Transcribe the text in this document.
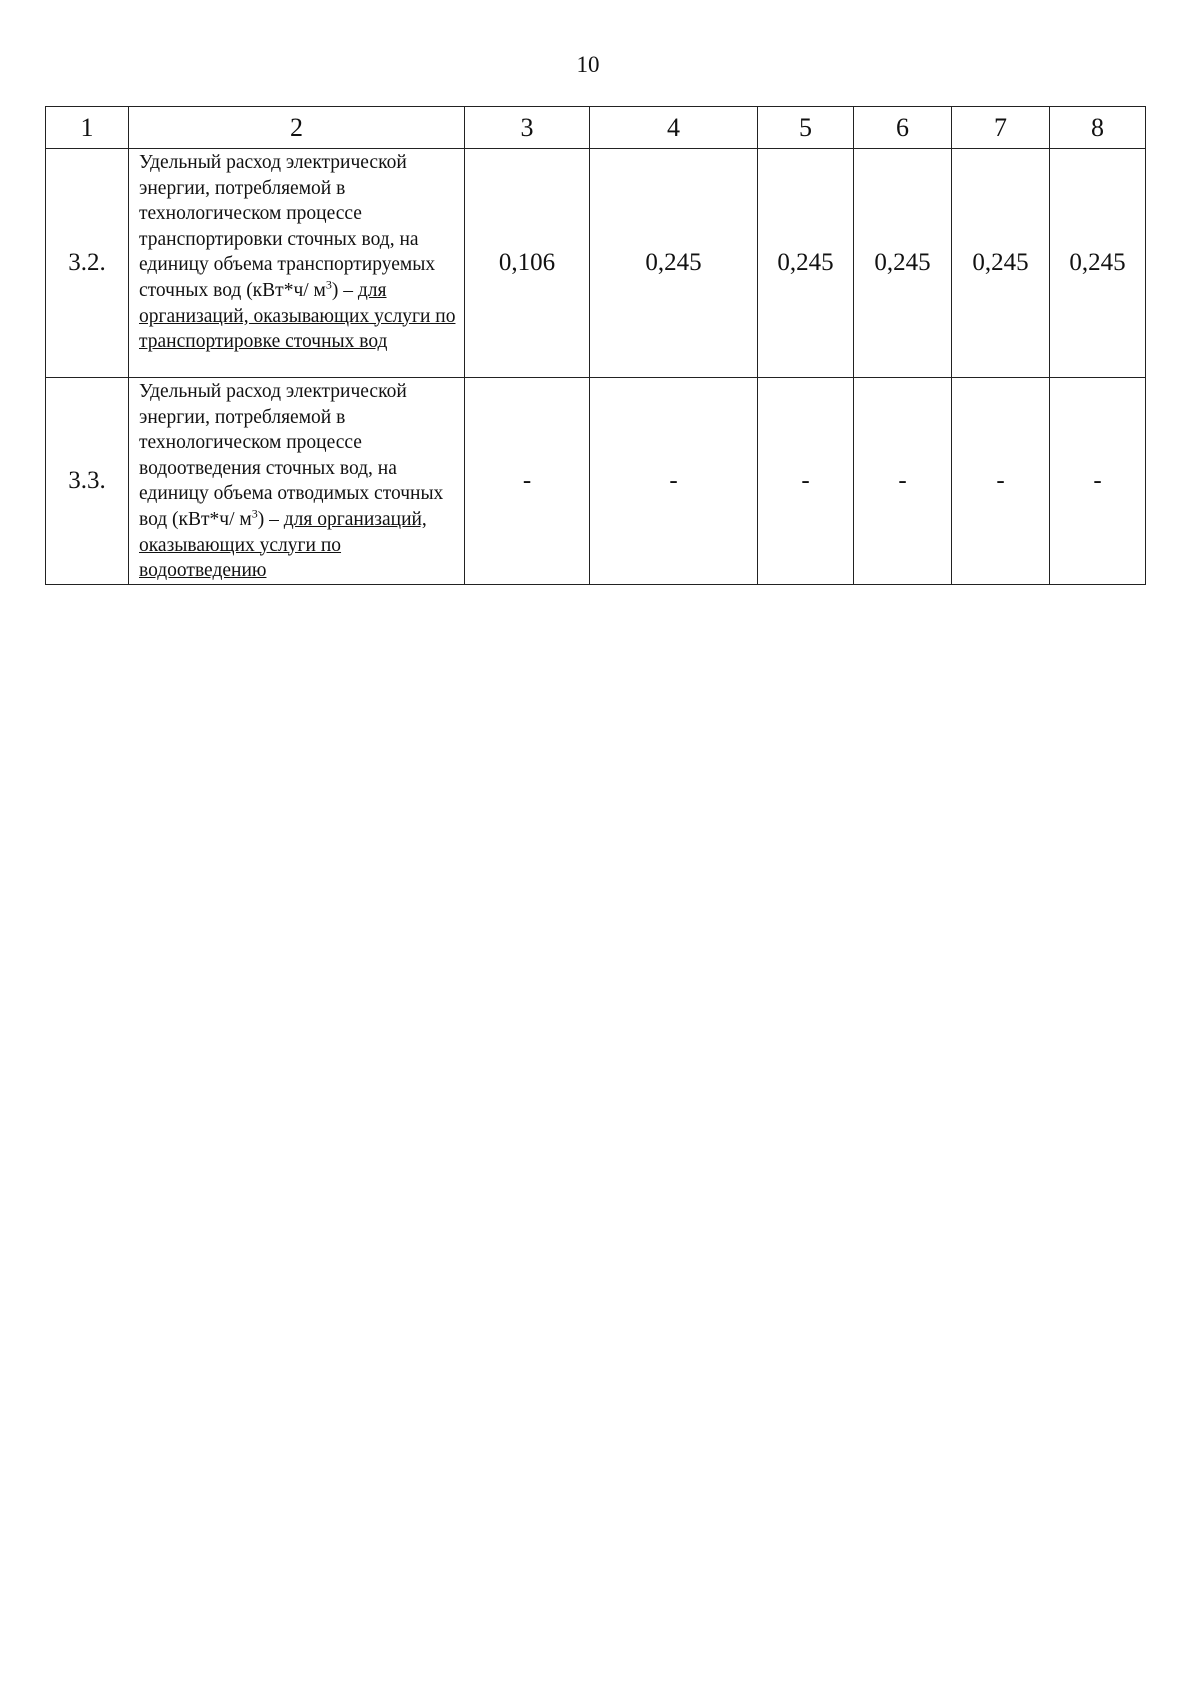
10
1	2	3	4	5	6	7	8
3.2.	Удельный расход электрической энергии, потребляемой в технологическом процессе транспортировки сточных вод, на единицу объема транспортируемых сточных вод (кВт*ч/ $м^3$) – для организаций, оказывающих услуги по транспортировке сточных вод	0,106	0,245	0,245	0,245	0,245	0,245
3.3.	Удельный расход электрической энергии, потребляемой в технологическом процессе водоотведения сточных вод, на единицу объема отводимых сточных вод (кВт*ч/ $м^3$) – для организаций, оказывающих услуги по водоотведению	-	-	-	-	-	-
